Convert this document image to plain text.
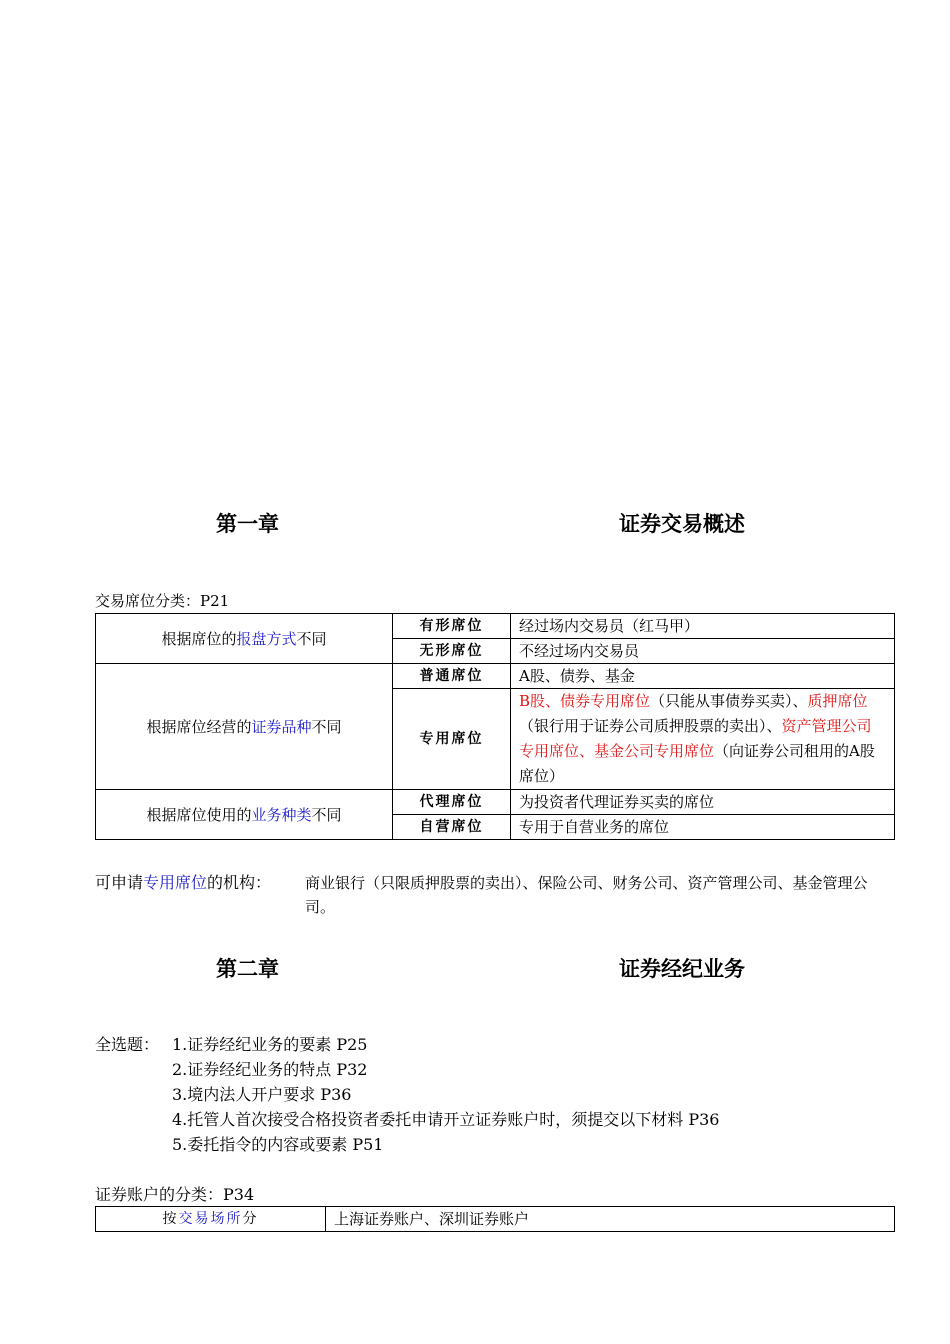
第一章	证券交易概述
交易席位分类：P21
根据席位的报盘方式不同	有形席位	经过场内交易员（红马甲）
	无形席位	不经过场内交易员
根据席位经营的证券品种不同	普通席位	A股、债券、基金
	专用席位	B股、债券专用席位（只能从事债券买卖）、质押席位（银行用于证券公司质押股票的卖出）、资产管理公司专用席位、基金公司专用席位（向证券公司租用的A股席位）
根据席位使用的业务种类不同	代理席位	为投资者代理证券买卖的席位
	自营席位	专用于自营业务的席位
可申请专用席位的机构： 商业银行（只限质押股票的卖出）、保险公司、财务公司、资产管理公司、基金管理公司。
第二章	证券经纪业务
全选题： 1.证券经纪业务的要素 P25
2.证券经纪业务的特点 P32
3.境内法人开户要求 P36
4.托管人首次接受合格投资者委托申请开立证券账户时，须提交以下材料 P36
5.委托指令的内容或要素 P51
证券账户的分类：P34
按交易场所分	上海证券账户、深圳证券账户
